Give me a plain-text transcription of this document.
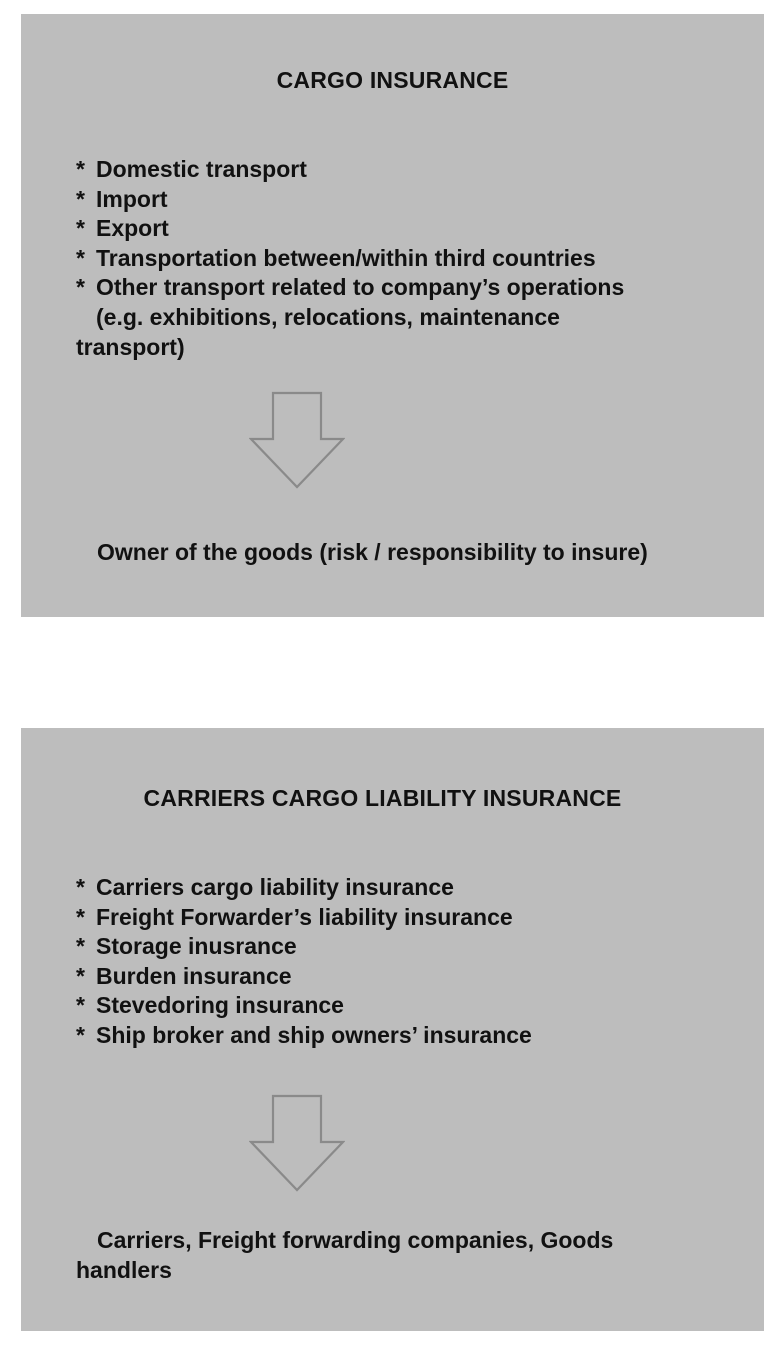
CARGO INSURANCE
* Domestic transport
* Import
* Export
* Transportation between/within third countries
* Other transport related to company’s operations
(e.g. exhibitions, relocations, maintenance
transport)
Owner of the goods (risk / responsibility to insure)
CARRIERS CARGO LIABILITY INSURANCE
* Carriers cargo liability insurance
* Freight Forwarder’s liability insurance
* Storage inusrance
* Burden insurance
* Stevedoring insurance
* Ship broker and ship owners’ insurance
Carriers, Freight forwarding companies, Goods
handlers
